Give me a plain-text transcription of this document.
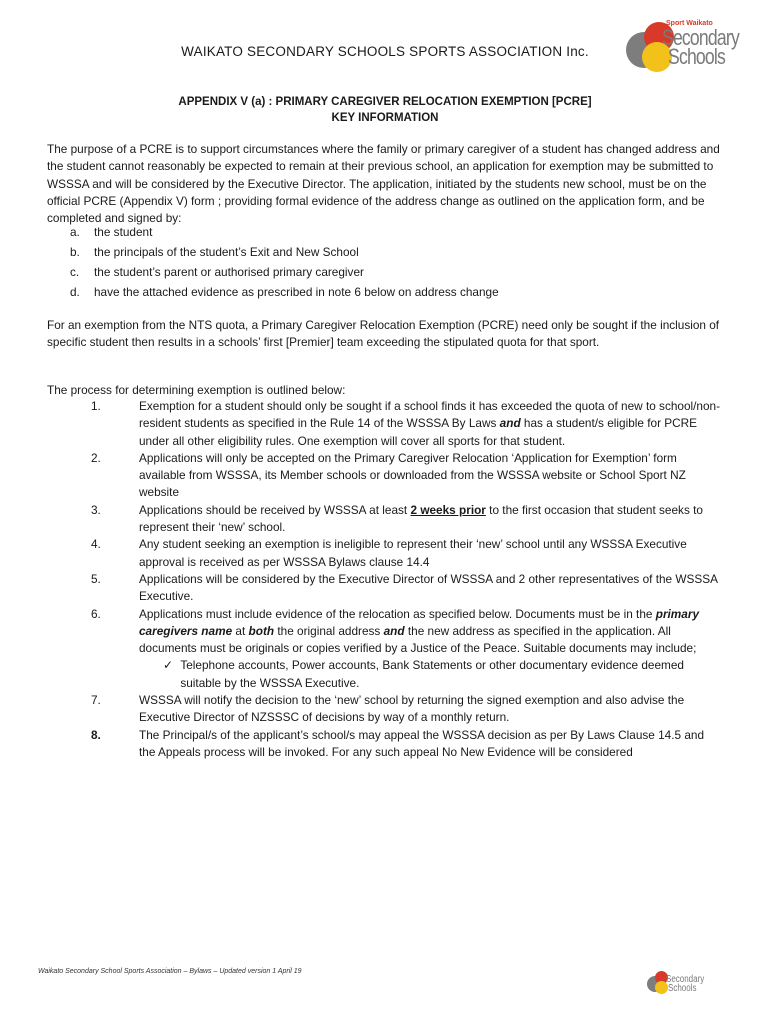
WAIKATO SECONDARY SCHOOLS SPORTS ASSOCIATION Inc.
Sport Waikato
Secondary
Schools
APPENDIX V (a) : PRIMARY CAREGIVER RELOCATION EXEMPTION [PCRE]
KEY INFORMATION
The purpose of a PCRE is to support circumstances where the family or primary caregiver of a student has changed address and the student cannot reasonably be expected to remain at their previous school, an application for exemption may be submitted to WSSSA and will be considered by the Executive Director. The application, initiated by the students new school, must be on the official PCRE (Appendix V) form ; providing formal evidence of the address change as outlined on the application form, and be completed and signed by:
a.	the student
b.	the principals of the student’s Exit and New School
c.	the student’s parent or authorised primary caregiver
d.	have the attached evidence as prescribed in note 6 below on address change
For an exemption from the NTS quota, a Primary Caregiver Relocation Exemption (PCRE) need only be sought if the inclusion of specific student then results in a schools’ first [Premier] team exceeding the stipulated quota for that sport.
The process for determining exemption is outlined below:
1.	Exemption for a student should only be sought if a school finds it has exceeded the quota of new to school/non-resident students as specified in the Rule 14 of the WSSSA By Laws and has a student/s eligible for PCRE under all other eligibility rules. One exemption will cover all sports for that student.
2.	Applications will only be accepted on the Primary Caregiver Relocation ‘Application for Exemption’ form available from WSSSA, its Member schools or downloaded from the WSSSA website or School Sport NZ website
3.	Applications should be received by WSSSA at least 2 weeks prior to the first occasion that student seeks to represent their ‘new’ school.
4.	Any student seeking an exemption is ineligible to represent their ‘new’ school until any WSSSA Executive approval is received as per WSSSA Bylaws clause 14.4
5.	Applications will be considered by the Executive Director of WSSSA and 2 other representatives of the WSSSA Executive.
6.	Applications must include evidence of the relocation as specified below. Documents must be in the primary caregivers name at both the original address and the new address as specified in the application. All documents must be originals or copies verified by a Justice of the Peace. Suitable documents may include;
✓ Telephone accounts, Power accounts, Bank Statements or other documentary evidence deemed suitable by the WSSSA Executive.
7.	WSSSA will notify the decision to the ‘new’ school by returning the signed exemption and also advise the Executive Director of NZSSSC of decisions by way of a monthly return.
8.	The Principal/s of the applicant’s school/s may appeal the WSSSA decision as per By Laws Clause 14.5 and the Appeals process will be invoked. For any such appeal No New Evidence will be considered
Waikato Secondary School Sports Association – Bylaws – Updated version 1 April 19
Secondary
Schools
